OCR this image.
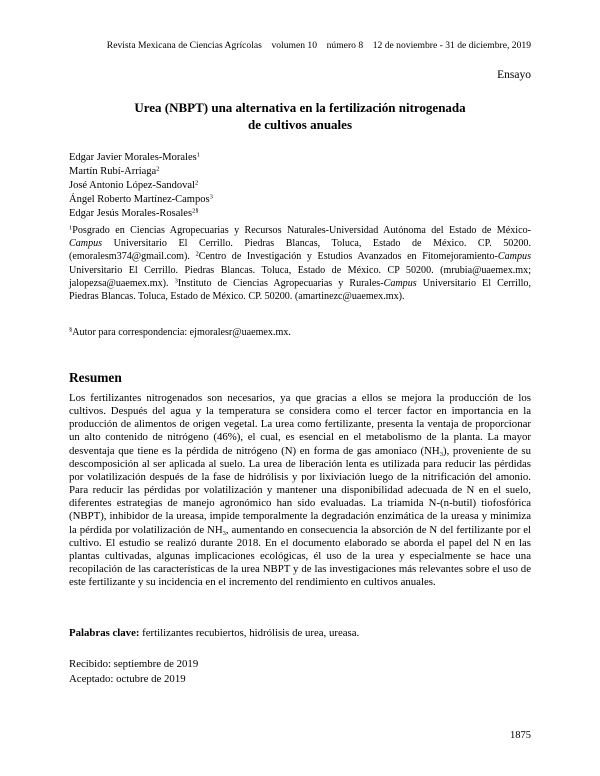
Revista Mexicana de Ciencias Agrícolas volumen 10 número 8 12 de noviembre - 31 de diciembre, 2019
Ensayo
Urea (NBPT) una alternativa en la fertilización nitrogenada
de cultivos anuales
Edgar Javier Morales-Morales$^1$
Martín Rubí-Arriaga$^2$
José Antonio López-Sandoval$^2$
Ángel Roberto Martínez-Campos$^3$
Edgar Jesús Morales-Rosales$^{2\S}$
$^1$Posgrado en Ciencias Agropecuarias y Recursos Naturales-Universidad Autónoma del Estado de México-Campus Universitario El Cerrillo. Piedras Blancas, Toluca, Estado de México. CP. 50200. (emoralesm374@gmail.com). $^2$Centro de Investigación y Estudios Avanzados en Fitomejoramiento-Campus Universitario El Cerrillo. Piedras Blancas. Toluca, Estado de México. CP 50200. (mrubia@uaemex.mx; jalopezsa@uaemex.mx). $^3$Instituto de Ciencias Agropecuarias y Rurales-Campus Universitario El Cerrillo, Piedras Blancas. Toluca, Estado de México. CP. 50200. (amartinezc@uaemex.mx).
§Autor para correspondencia: ejmoralesr@uaemex.mx.
Resumen
Los fertilizantes nitrogenados son necesarios, ya que gracias a ellos se mejora la producción de los cultivos. Después del agua y la temperatura se considera como el tercer factor en importancia en la producción de alimentos de origen vegetal. La urea como fertilizante, presenta la ventaja de proporcionar un alto contenido de nitrógeno (46%), el cual, es esencial en el metabolismo de la planta. La mayor desventaja que tiene es la pérdida de nitrógeno (N) en forma de gas amoniaco $(NH_3)$, proveniente de su descomposición al ser aplicada al suelo. La urea de liberación lenta es utilizada para reducir las pérdidas por volatilización después de la fase de hidrólisis y por lixiviación luego de la nitrificación del amonio. Para reducir las pérdidas por volatilización y mantener una disponibilidad adecuada de N en el suelo, diferentes estrategias de manejo agronómico han sido evaluadas. La triamida N-(n-butil) tiofosfórica (NBPT), inhibidor de la ureasa, impide temporalmente la degradación enzimática de la ureasa y minimiza la pérdida por volatilización de $NH_3$, aumentando en consecuencia la absorción de N del fertilizante por el cultivo. El estudio se realizó durante 2018. En el documento elaborado se aborda el papel del N en las plantas cultivadas, algunas implicaciones ecológicas, él uso de la urea y especialmente se hace una recopilación de las características de la urea NBPT y de las investigaciones más relevantes sobre el uso de este fertilizante y su incidencia en el incremento del rendimiento en cultivos anuales.
Palabras clave: fertilizantes recubiertos, hidrólisis de urea, ureasa.
Recibido: septiembre de 2019
Aceptado: octubre de 2019
1875
